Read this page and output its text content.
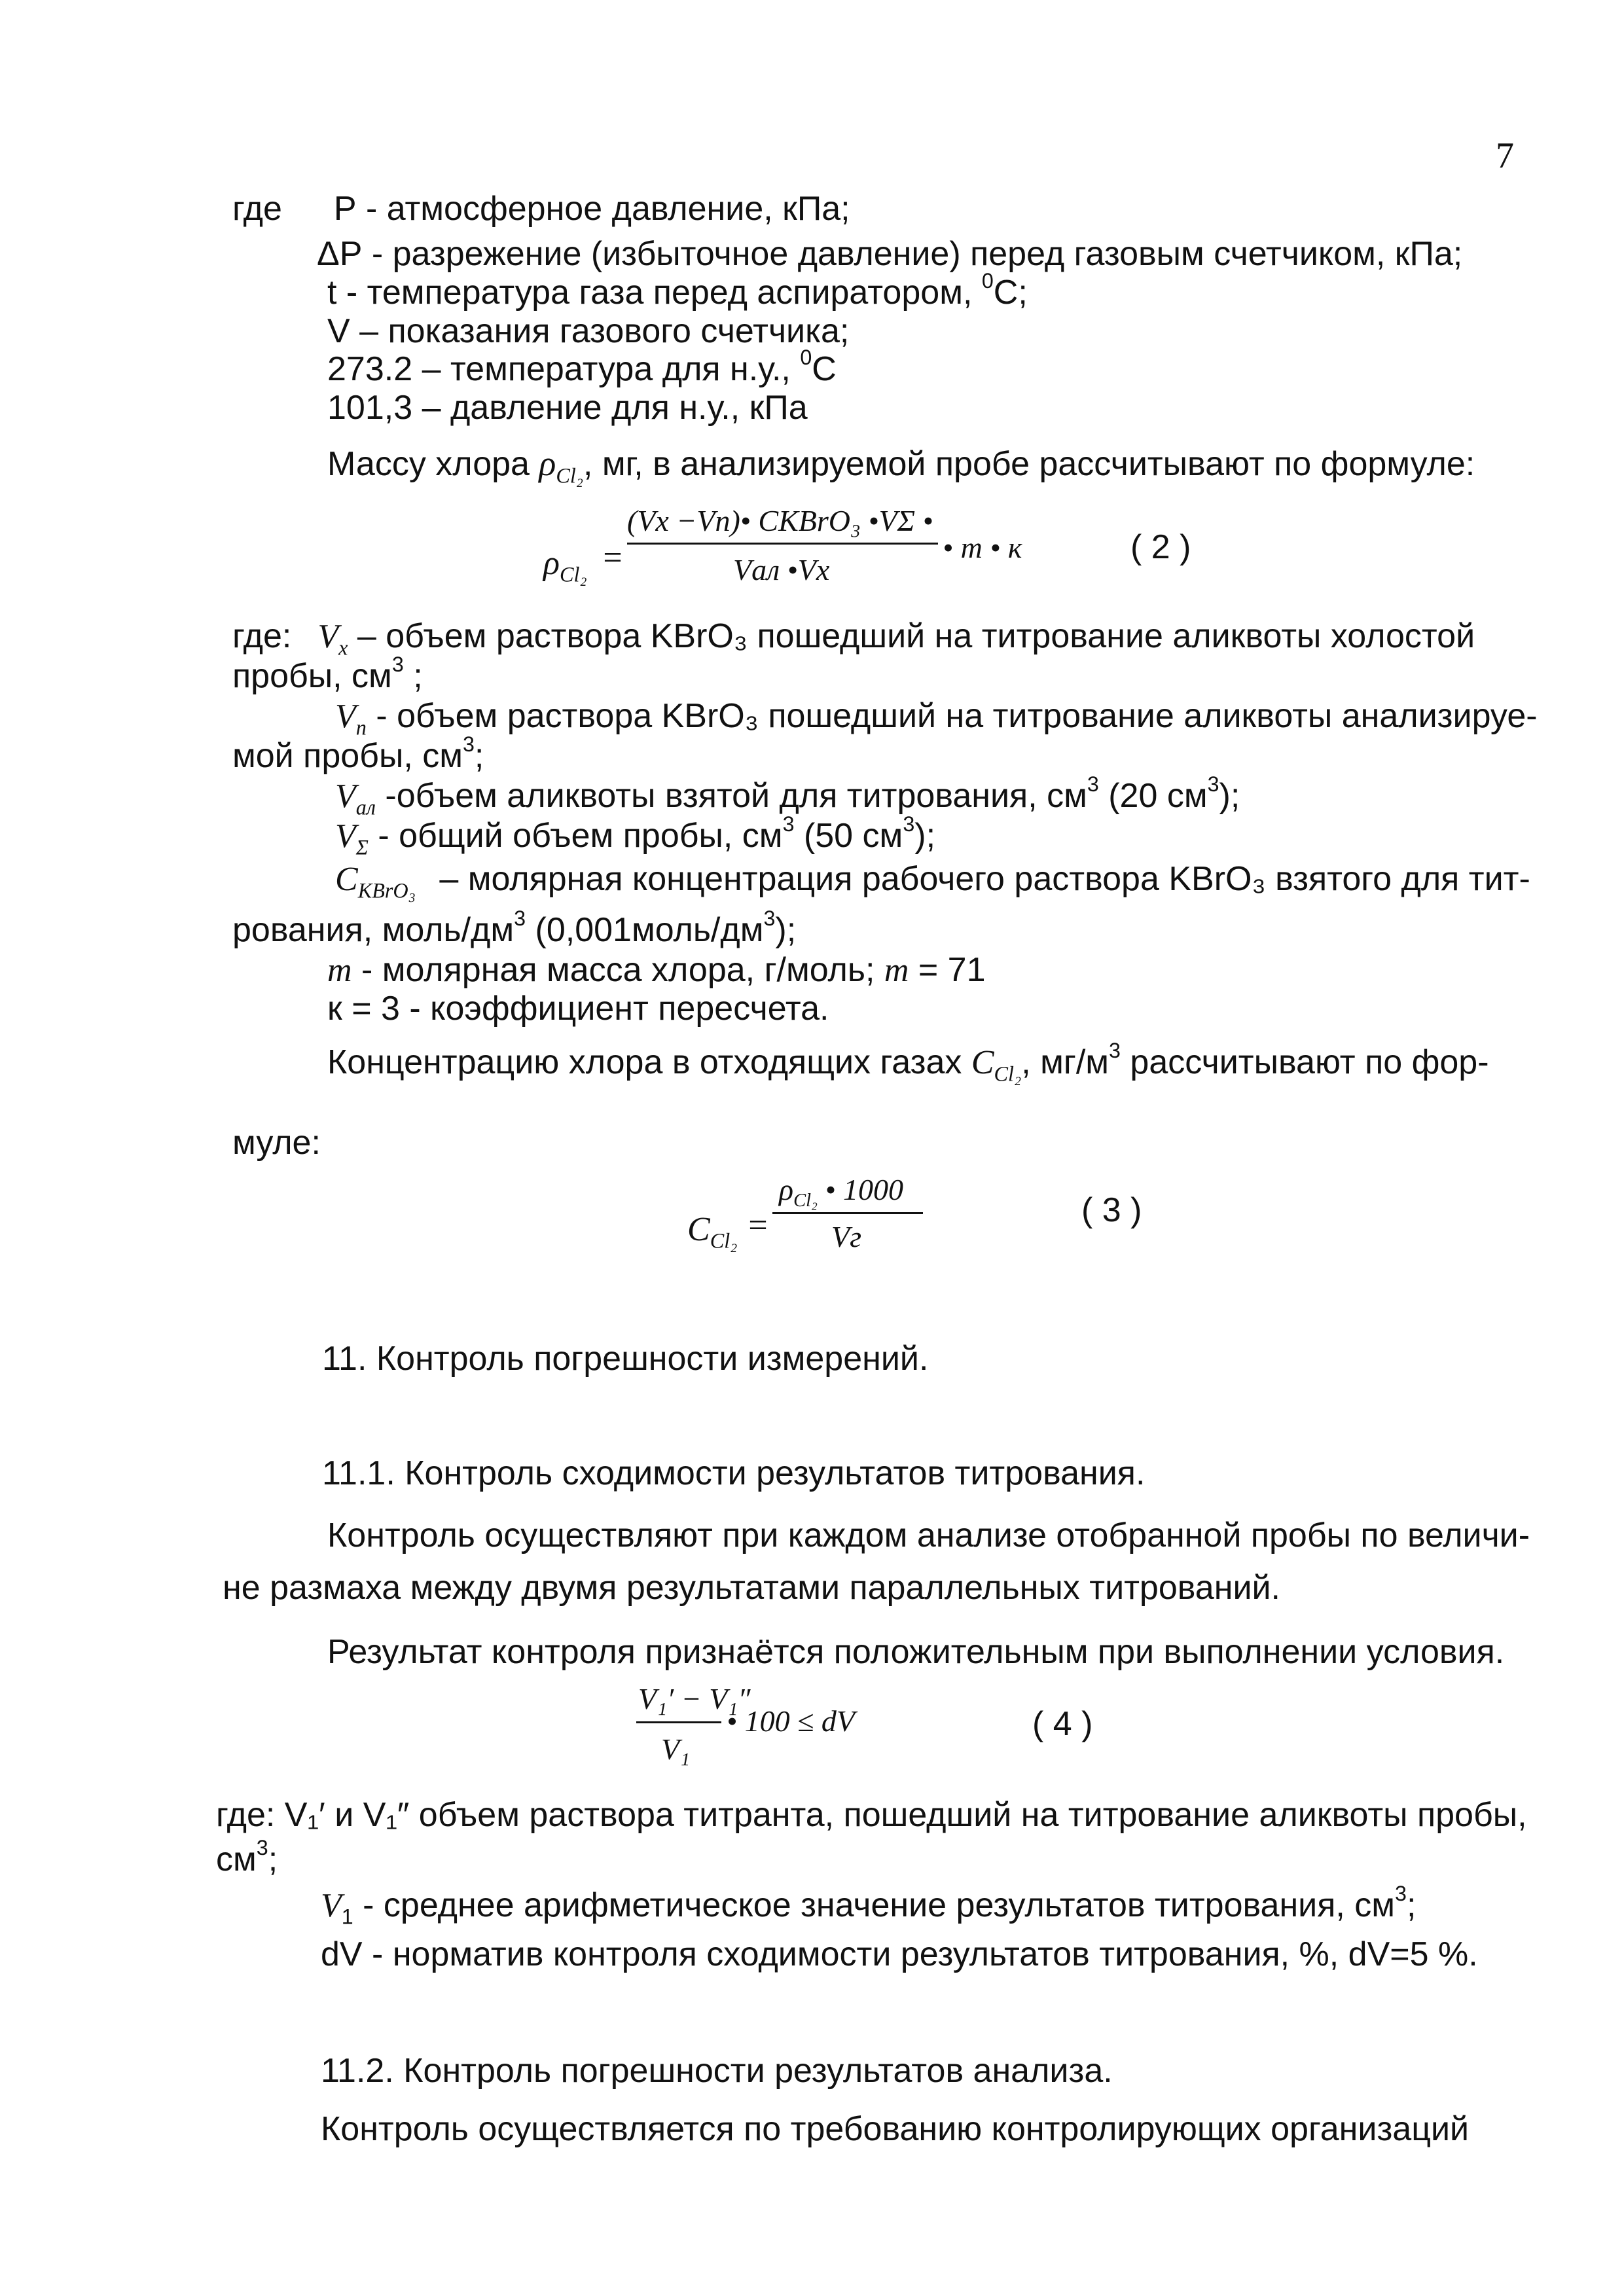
7
где Р - атмосферное давление, кПа;
ΔР - разрежение (избыточное давление) перед газовым счетчиком, кПа;
t - температура газа перед аспиратором, $^0$С;
V – показания газового счетчика;
273.2 – температура для н.у., $^0$С
101,3 – давление для н.у., кПа
Массу хлора $\rho_{Cl_2}$, мг, в анализируемой пробе рассчитывают по формуле:
$\rho_{Cl_2}$ =
(Vx −Vп)• CKBrO₃ •VΣ •
Vал •Vx
• m • к	( 2 )
где: $V_x$ – объем раствора KBrO₃ пошедший на титрование аликвоты холостой
пробы, $см^3$ ;
$V_п$ - объем раствора KBrO₃ пошедший на титрование аликвоты анализируе-
мой пробы, $см^3$;
$V_{ал}$ -объем аликвоты взятой для титрования, $см^3$ (20 $см^3$);
$V_\Sigma$ - общий объем пробы, $см^3$ (50 $см^3$);
$C_{KBrO_3}$ – молярная концентрация рабочего раствора KBrO₃ взятого для тит-
рования, моль/$дм^3$ $(0,001моль/дм^3)$;
m - молярная масса хлора, г/моль; m = 71
к = 3 - коэффициент пересчета.
Концентрацию хлора в отходящих газах $C_{Cl_2}$, $мг/м^3$ рассчитывают по фор-
муле:
$C_{Cl_2}$ =
$\rho_{Cl_2}$ • 1000
Vг
( 3 )
11. Контроль погрешности измерений.
11.1. Контроль сходимости результатов титрования.
Контроль осуществляют при каждом анализе отобранной пробы по величи-
не размаха между двумя результатами параллельных титрований.
Результат контроля признаётся положительным при выполнении условия.
V₁′ − V₁″
V₁
• 100 ≤ dV	( 4 )
где: V₁′ и V₁″ объем раствора титранта, пошедший на титрование аликвоты пробы,
$см^3$;
$V_1$ - среднее арифметическое значение результатов титрования, $см^3$;
dV - норматив контроля сходимости результатов титрования, %, dV=5 %.
11.2. Контроль погрешности результатов анализа.
Контроль осуществляется по требованию контролирующих организаций
